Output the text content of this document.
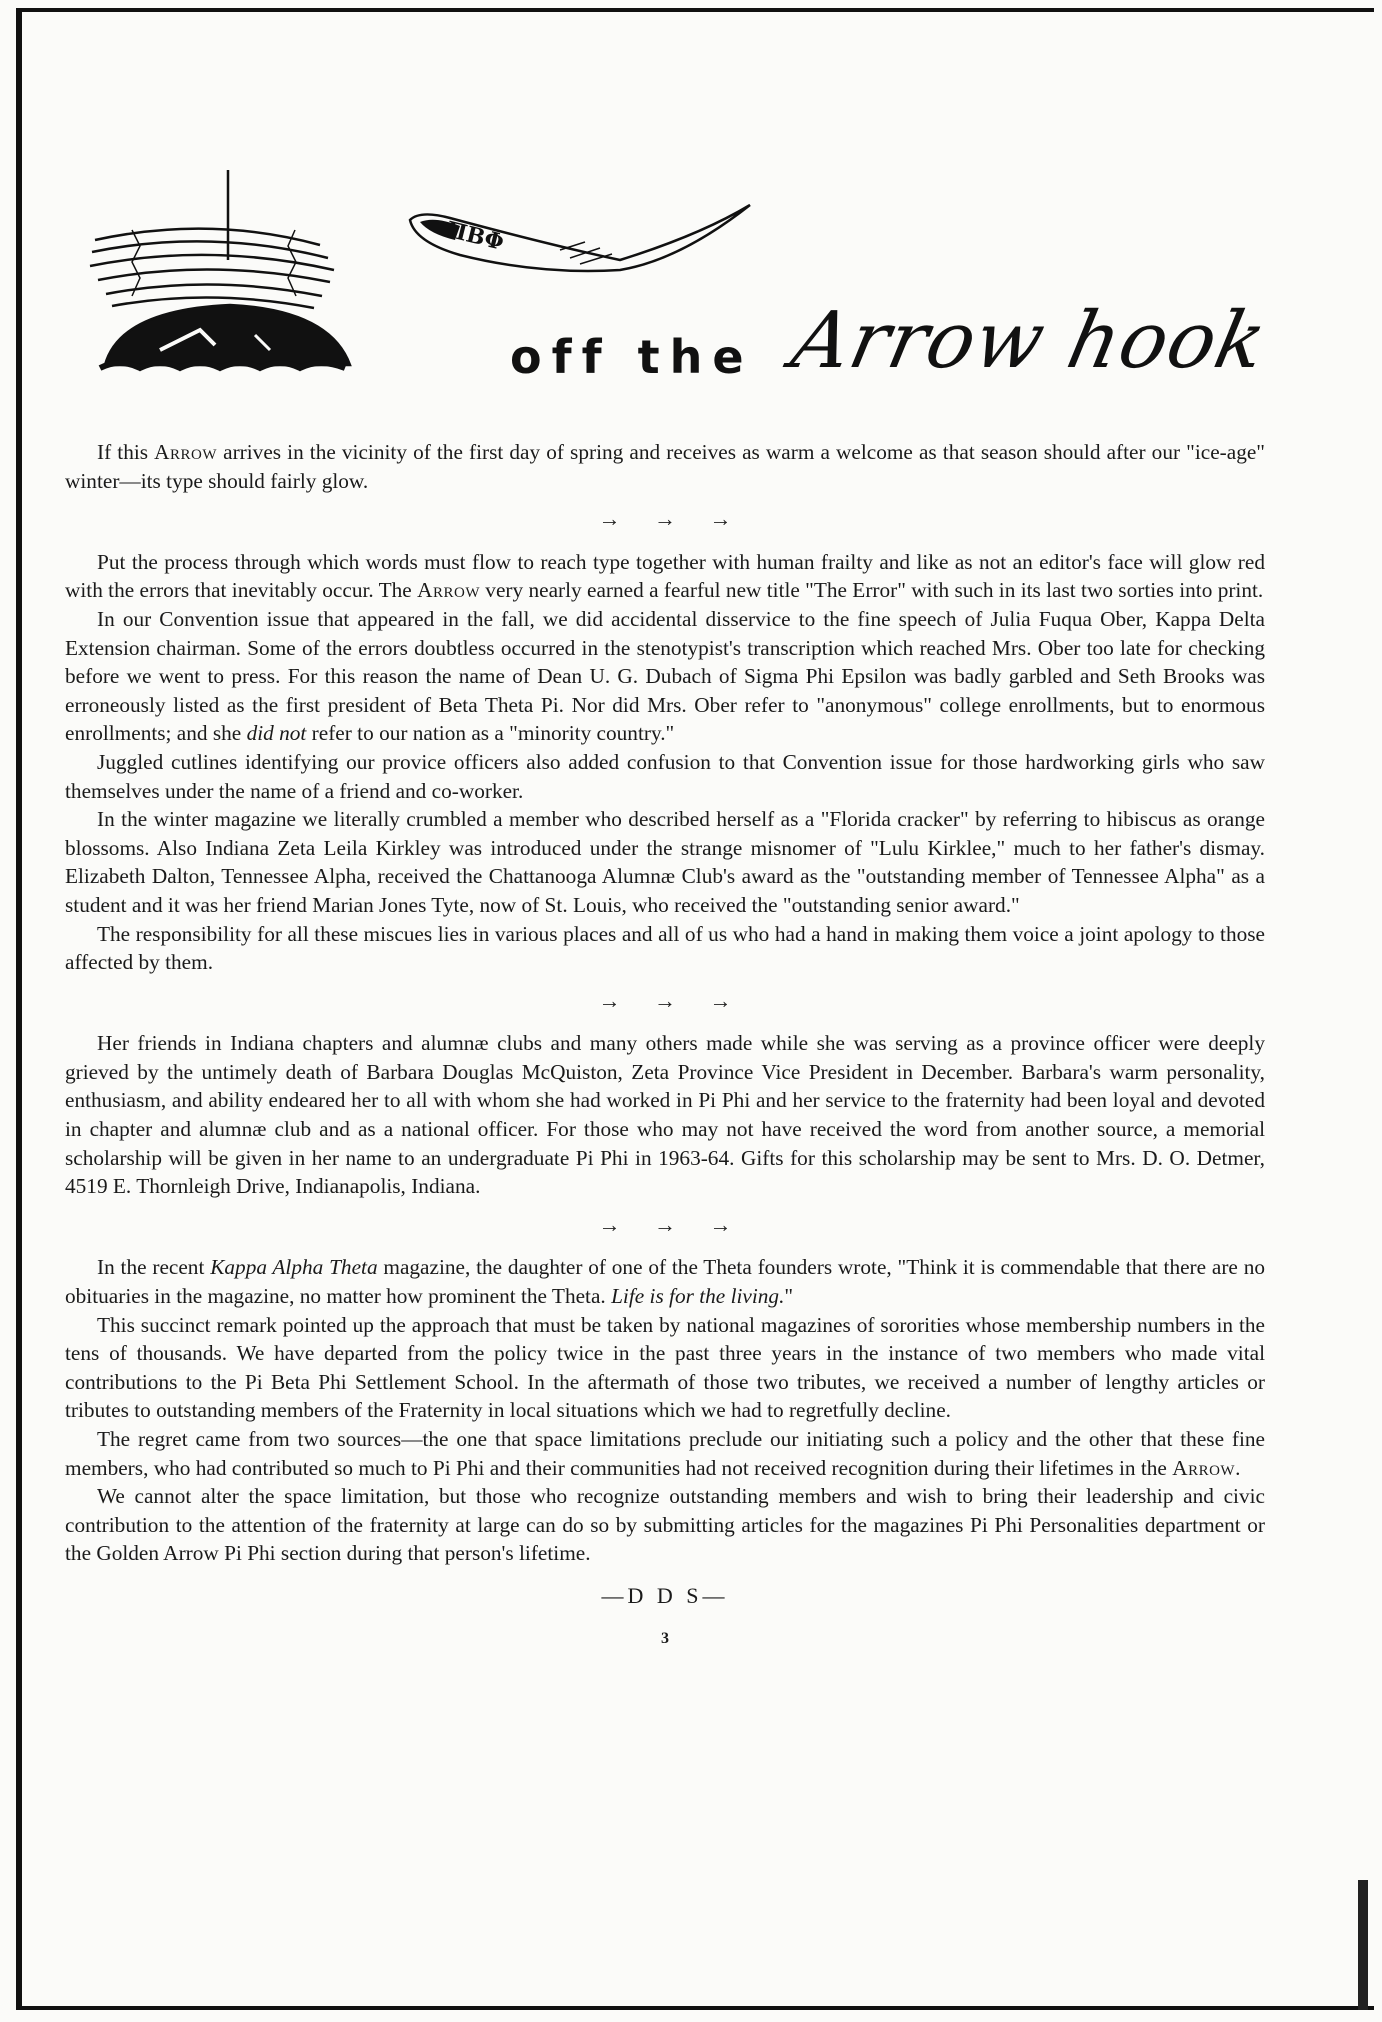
ΠΒΦ
off the Arrow hook

If this Arrow arrives in the vicinity of the first day of spring and receives as warm a welcome as that season should after our "ice-age" winter—its type should fairly glow.

→ → →

Put the process through which words must flow to reach type together with human frailty and like as not an editor's face will glow red with the errors that inevitably occur. The Arrow very nearly earned a fearful new title "The Error" with such in its last two sorties into print.

In our Convention issue that appeared in the fall, we did accidental disservice to the fine speech of Julia Fuqua Ober, Kappa Delta Extension chairman. Some of the errors doubtless occurred in the stenotypist's transcription which reached Mrs. Ober too late for checking before we went to press. For this reason the name of Dean U. G. Dubach of Sigma Phi Epsilon was badly garbled and Seth Brooks was erroneously listed as the first president of Beta Theta Pi. Nor did Mrs. Ober refer to "anonymous" college enrollments, but to enormous enrollments; and she did not refer to our nation as a "minority country."

Juggled cutlines identifying our provice officers also added confusion to that Convention issue for those hardworking girls who saw themselves under the name of a friend and co-worker.

In the winter magazine we literally crumbled a member who described herself as a "Florida cracker" by referring to hibiscus as orange blossoms. Also Indiana Zeta Leila Kirkley was introduced under the strange misnomer of "Lulu Kirklee," much to her father's dismay. Elizabeth Dalton, Tennessee Alpha, received the Chattanooga Alumnæ Club's award as the "outstanding member of Tennessee Alpha" as a student and it was her friend Marian Jones Tyte, now of St. Louis, who received the "outstanding senior award."

The responsibility for all these miscues lies in various places and all of us who had a hand in making them voice a joint apology to those affected by them.

→ → →

Her friends in Indiana chapters and alumnæ clubs and many others made while she was serving as a province officer were deeply grieved by the untimely death of Barbara Douglas McQuiston, Zeta Province Vice President in December. Barbara's warm personality, enthusiasm, and ability endeared her to all with whom she had worked in Pi Phi and her service to the fraternity had been loyal and devoted in chapter and alumnæ club and as a national officer. For those who may not have received the word from another source, a memorial scholarship will be given in her name to an undergraduate Pi Phi in 1963-64. Gifts for this scholarship may be sent to Mrs. D. O. Detmer, 4519 E. Thornleigh Drive, Indianapolis, Indiana.

→ → →

In the recent Kappa Alpha Theta magazine, the daughter of one of the Theta founders wrote, "Think it is commendable that there are no obituaries in the magazine, no matter how prominent the Theta. Life is for the living."

This succinct remark pointed up the approach that must be taken by national magazines of sororities whose membership numbers in the tens of thousands. We have departed from the policy twice in the past three years in the instance of two members who made vital contributions to the Pi Beta Phi Settlement School. In the aftermath of those two tributes, we received a number of lengthy articles or tributes to outstanding members of the Fraternity in local situations which we had to regretfully decline.

The regret came from two sources—the one that space limitations preclude our initiating such a policy and the other that these fine members, who had contributed so much to Pi Phi and their communities had not received recognition during their lifetimes in the Arrow.

We cannot alter the space limitation, but those who recognize outstanding members and wish to bring their leadership and civic contribution to the attention of the fraternity at large can do so by submitting articles for the magazines Pi Phi Personalities department or the Golden Arrow Pi Phi section during that person's lifetime.

—D D S—
3
